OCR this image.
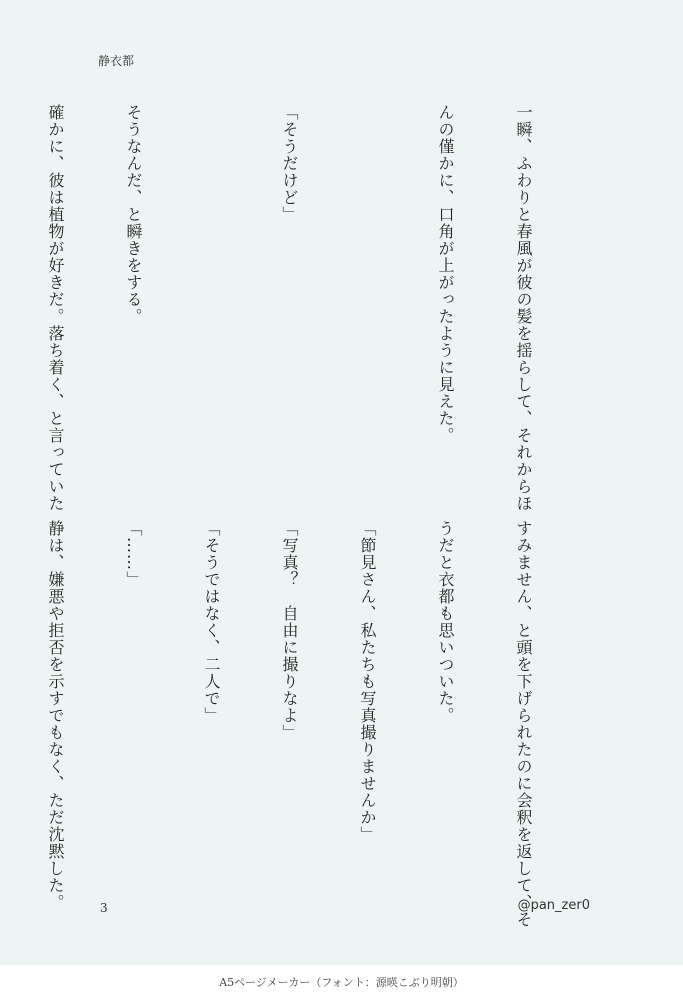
静衣都

一瞬、ふわりと春風が彼の髪を揺らして、それからほ

んの僅かに、口角が上がったように見えた。

「そうだけど」

そうなんだ、と瞬きをする。

確かに、彼は植物が好きだ。落ち着く、と言っていた

すみません、と頭を下げられたのに会釈を返して、そ

うだと衣都も思いついた。

「節見さん、私たちも写真撮りませんか」

「写真？　自由に撮りなよ」

「そうではなく、二人で」

「……」

静は、嫌悪や拒否を示すでもなく、ただ沈黙した。

	3	@pan_zer0
A5ページメーカー（フォント：源暎こぶり明朝）
